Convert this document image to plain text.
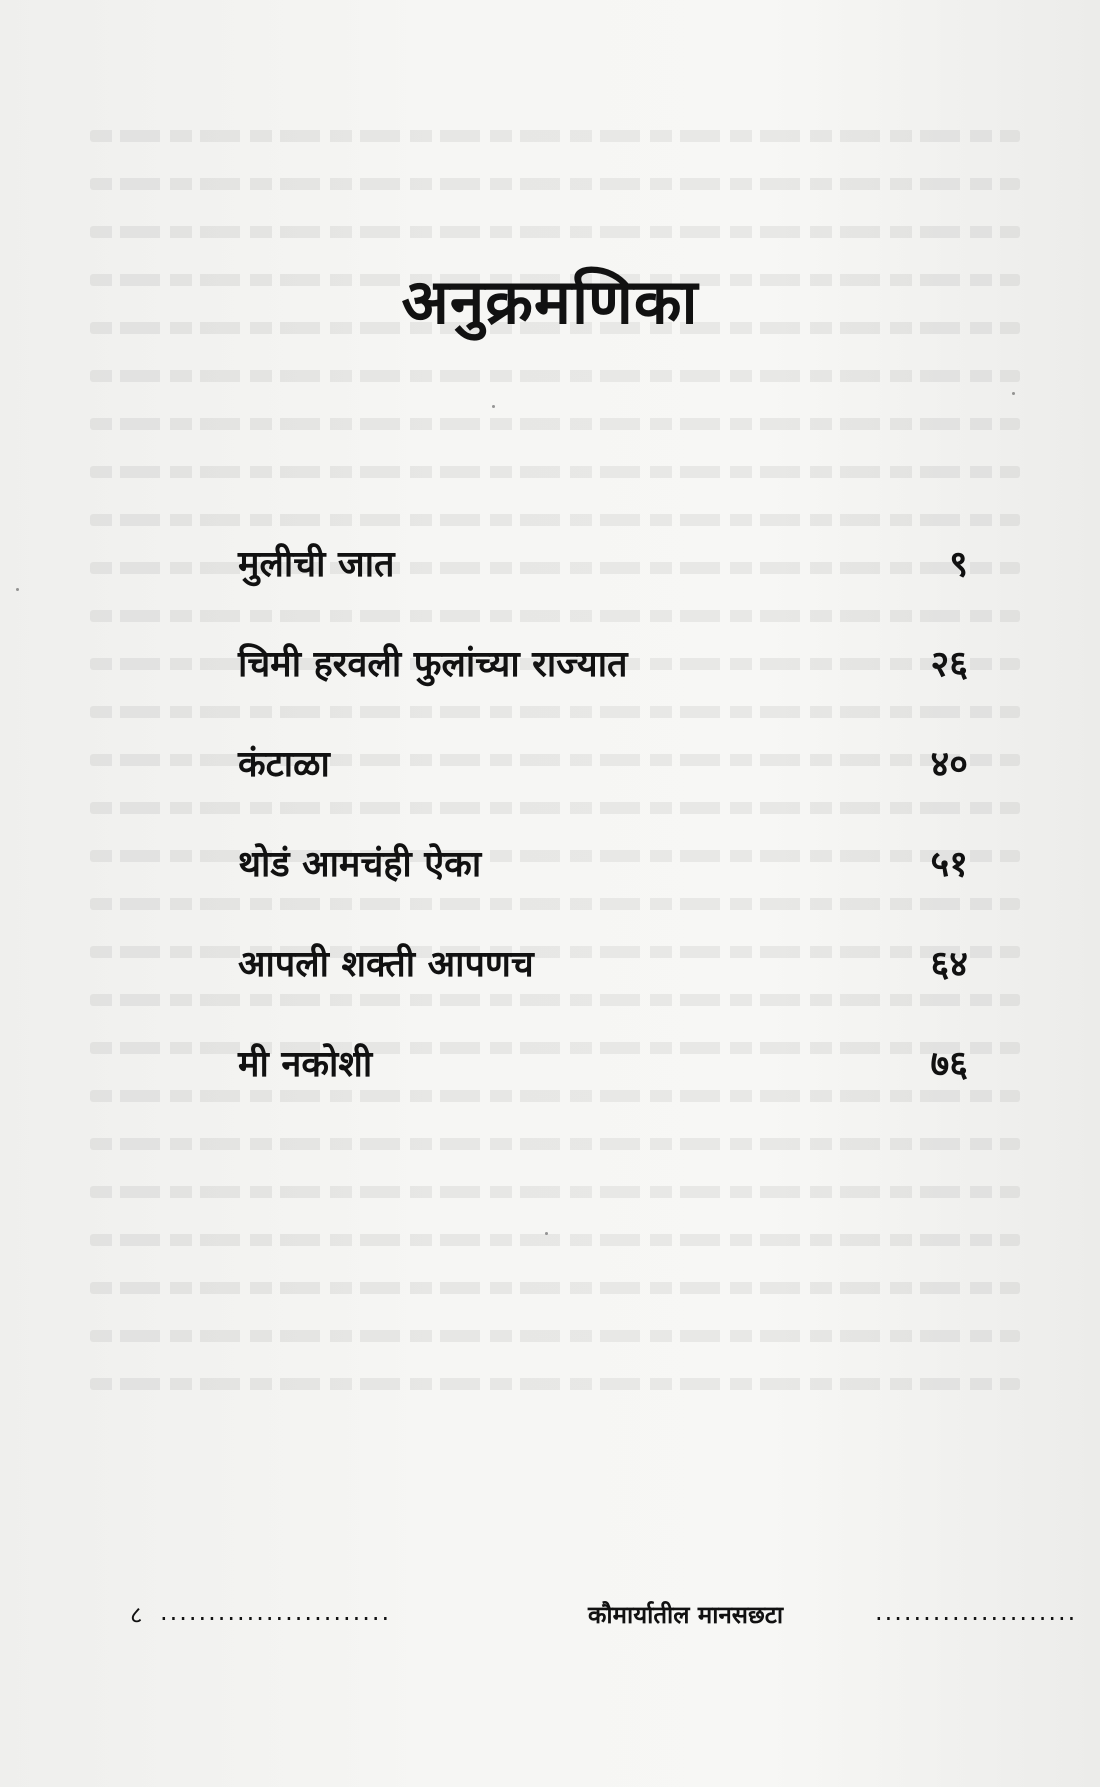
अनुक्रमणिका
मुलीची जात	९
चिमी हरवली फुलांच्या राज्यात	२६
कंटाळा	४०
थोडं आमचंही ऐका	५१
आपली शक्ती आपणच	६४
मी नकोशी	७६
८ ........................	कौमार्यातील मानसछटा	.....................
